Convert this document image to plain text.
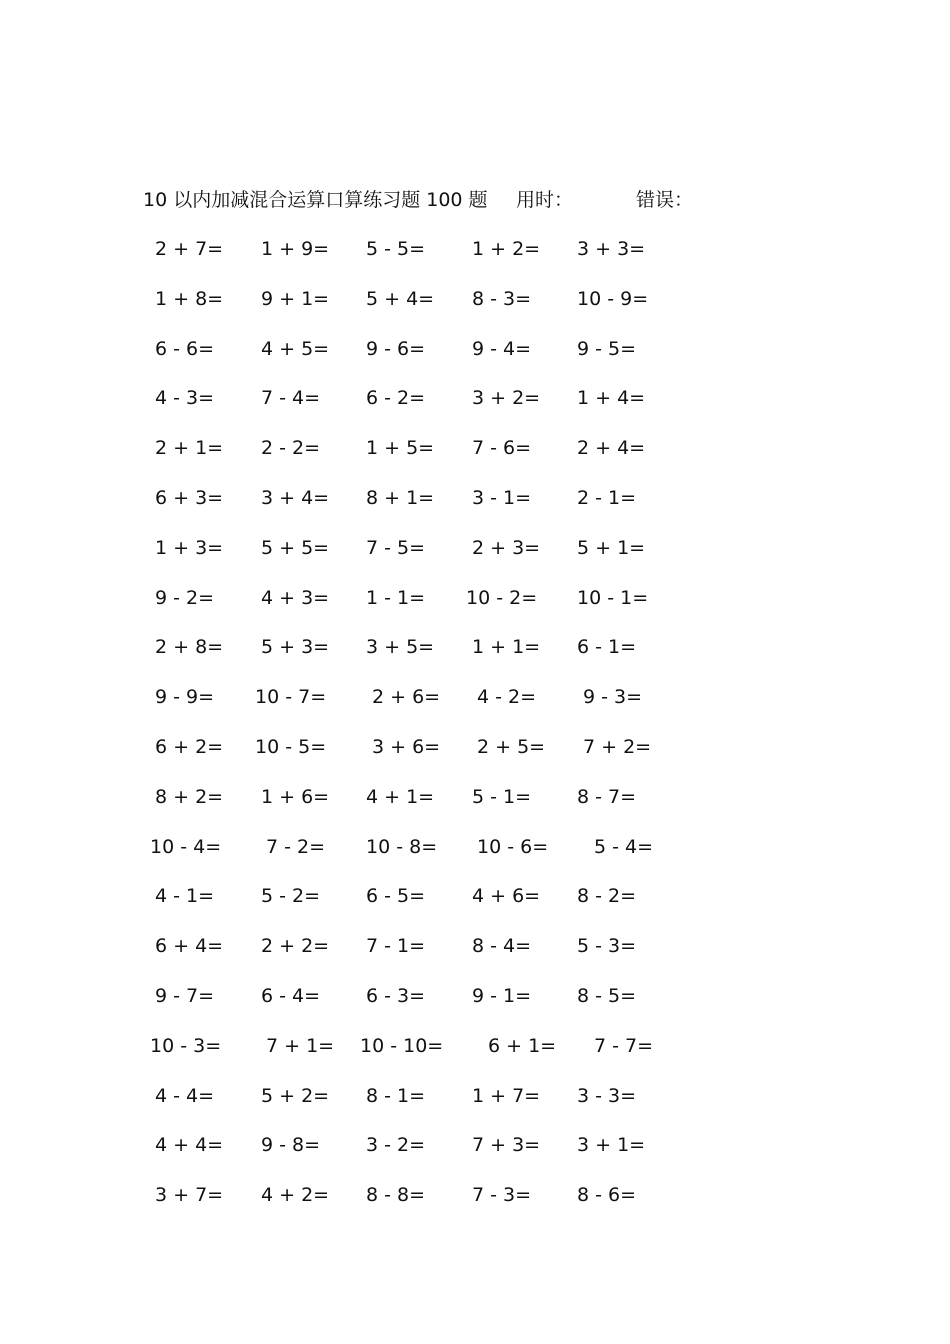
10 以内加减混合运算口算练习题 100 题 用时：	错误：
2 + 7= 1 + 9= 5 - 5= 1 + 2= 3 + 3=
1 + 8= 9 + 1= 5 + 4= 8 - 3= 10 - 9=
6 - 6= 4 + 5= 9 - 6= 9 - 4= 9 - 5=
4 - 3= 7 - 4= 6 - 2= 3 + 2= 1 + 4=
2 + 1= 2 - 2= 1 + 5= 7 - 6= 2 + 4=
6 + 3= 3 + 4= 8 + 1= 3 - 1= 2 - 1=
1 + 3= 5 + 5= 7 - 5= 2 + 3= 5 + 1=
9 - 2= 4 + 3= 1 - 1= 10 - 2= 10 - 1=
2 + 8= 5 + 3= 3 + 5= 1 + 1= 6 - 1=
9 - 9= 10 - 7= 2 + 6= 4 - 2= 9 - 3=
6 + 2= 10 - 5= 3 + 6= 2 + 5= 7 + 2=
8 + 2= 1 + 6= 4 + 1= 5 - 1= 8 - 7=
10 - 4= 7 - 2= 10 - 8= 10 - 6= 5 - 4=
4 - 1= 5 - 2= 6 - 5= 4 + 6= 8 - 2=
6 + 4= 2 + 2= 7 - 1= 8 - 4= 5 - 3=
9 - 7= 6 - 4= 6 - 3= 9 - 1= 8 - 5=
10 - 3= 7 + 1= 10 - 10= 6 + 1= 7 - 7=
4 - 4= 5 + 2= 8 - 1= 1 + 7= 3 - 3=
4 + 4= 9 - 8= 3 - 2= 7 + 3= 3 + 1=
3 + 7= 4 + 2= 8 - 8= 7 - 3= 8 - 6=
